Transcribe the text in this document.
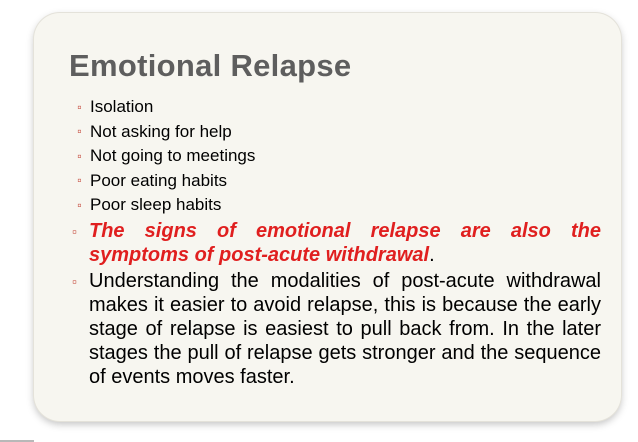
Emotional Relapse
▫ Isolation
▫ Not asking for help
▫ Not going to meetings
▫ Poor eating habits
▫ Poor sleep habits
▫ The signs of emotional relapse are also the symptoms of post-acute withdrawal.
▫ Understanding the modalities of post-acute withdrawal makes it easier to avoid relapse, this is because the early stage of relapse is easiest to pull back from. In the later stages the pull of relapse gets stronger and the sequence of events moves faster.
